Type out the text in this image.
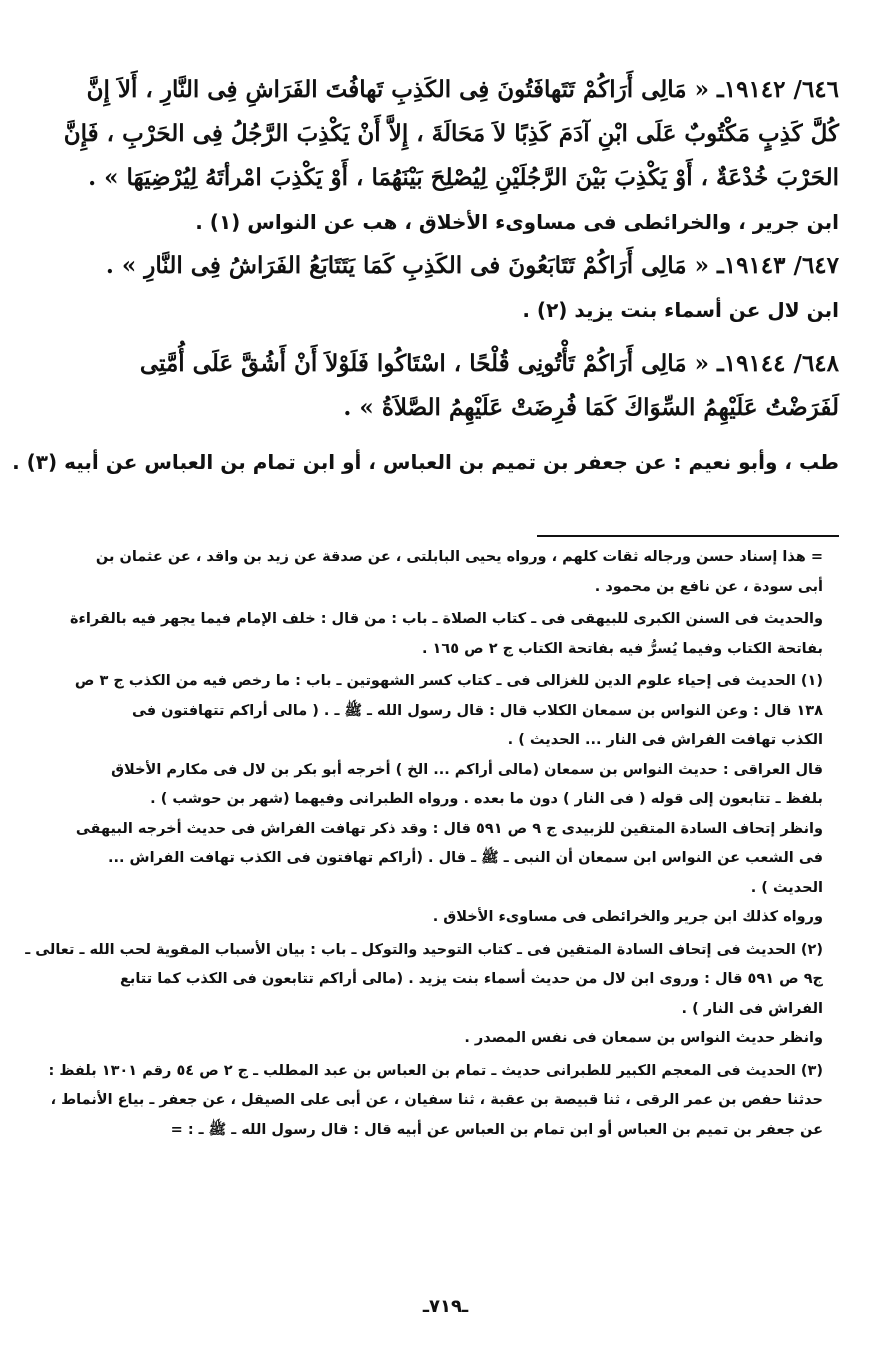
٦٤٦/ ١٩١٤٢ـ « مَالِى أَرَاكُمْ تَتَهافَتُونَ فِى الكَذِبِ تَهافُتَ الفَرَاشِ فِى النَّارِ ، أَلاَ إِنَّ
كُلَّ كَذِبٍ مَكْتُوبٌ عَلَى ابْنِ آدَمَ كَذِبًا لاَ مَحَالَةَ ، إِلاَّ أَنْ يَكْذِبَ الرَّجُلُ فِى الحَرْبِ ، فَإِنَّ
الحَرْبَ خُدْعَةٌ ، أَوْ يَكْذِبَ بَيْنَ الرَّجُلَيْنِ لِيُصْلِحَ بَيْنَهُمَا ، أَوْ يَكْذِبَ امْرأتَهُ لِيُرْضِيَهَا » .
ابن جرير ، والخرائطى فى مساوىء الأخلاق ، هب عن النواس (١) .
٦٤٧/ ١٩١٤٣ـ « مَالِى أَرَاكُمْ تَتَابَعُونَ فى الكَذِبِ كَمَا يَتَتَابَعُ الفَرَاشُ فِى النَّارِ » .
ابن لال عن أسماء بنت يزيد (٢) .
٦٤٨/ ١٩١٤٤ـ « مَالِى أَرَاكُمْ تَأْتُونِى قُلْحًا ، اسْتَاكُوا فَلَوْلاَ أَنْ أَشُقَّ عَلَى أُمَّتِى
لَفَرَضْتُ عَلَيْهِمُ السِّوَاكَ كَمَا فُرِضَتْ عَلَيْهِمُ الصَّلاَةُ » .
طب ، وأبو نعيم : عن جعفر بن تميم بن العباس ، أو ابن تمام بن العباس عن أبيه (٣) .
= هذا إسناد حسن ورجاله ثقات كلهم ، ورواه يحيى البابلتى ، عن صدقة عن زيد بن واقد ، عن عثمان بن
أبى سودة ، عن نافع بن محمود .
والحديث فى السنن الكبرى للبيهقى فى ـ كتاب الصلاة ـ باب : من قال : خلف الإمام فيما يجهر فيه بالقراءة
بفاتحة الكتاب وفيما يُسرُّ فيه بفاتحة الكتاب ج ٢ ص ١٦٥ .
(١) الحديث فى إحياء علوم الدين للغزالى فى ـ كتاب كسر الشهوتين ـ باب : ما رخص فيه من الكذب ج ٣ ص
١٣٨ قال : وعن النواس بن سمعان الكلاب قال : قال رسول الله ـ ﷺ ـ . ( مالى أراكم تتهافتون فى
الكذب تهافت الفراش فى النار ... الحديث ) .
قال العراقى : حديث النواس بن سمعان (مالى أراكم ... الخ ) أخرجه أبو بكر بن لال فى مكارم الأخلاق
بلفظ ـ تتابعون إلى قوله ( فى النار ) دون ما بعده . ورواه الطبرانى وفيهما (شهر بن حوشب ) .
وانظر إتحاف السادة المتقين للزبيدى ج ٩ ص ٥٩١ قال : وقد ذكر تهافت الفراش فى حديث أخرجه البيهقى
فى الشعب عن النواس ابن سمعان أن النبى ـ ﷺ ـ قال . (أراكم تهافتون فى الكذب تهافت الفراش ...
الحديث ) .
ورواه كذلك ابن جرير والخرائطى فى مساوىء الأخلاق .
(٢) الحديث فى إتحاف السادة المتقين فى ـ كتاب التوحيد والتوكل ـ باب : بيان الأسباب المقوية لحب الله ـ تعالى ـ
ج٩ ص ٥٩١ قال : وروى ابن لال من حديث أسماء بنت يزيد . (مالى أراكم تتابعون فى الكذب كما تتابع
الفراش فى النار ) .
وانظر حديث النواس بن سمعان فى نفس المصدر .
(٣) الحديث فى المعجم الكبير للطبرانى حديث ـ تمام بن العباس بن عبد المطلب ـ ج ٢ ص ٥٤ رقم ١٣٠١ بلفظ :
حدثنا حفص بن عمر الرقى ، ثنا قبيصة بن عقبة ، ثنا سفيان ، عن أبى على الصيقل ، عن جعفر ـ بياع الأنماط ،
عن جعفر بن تميم بن العباس أو ابن تمام بن العباس عن أبيه قال : قال رسول الله ـ ﷺ ـ : =
ـ٧١٩ـ
